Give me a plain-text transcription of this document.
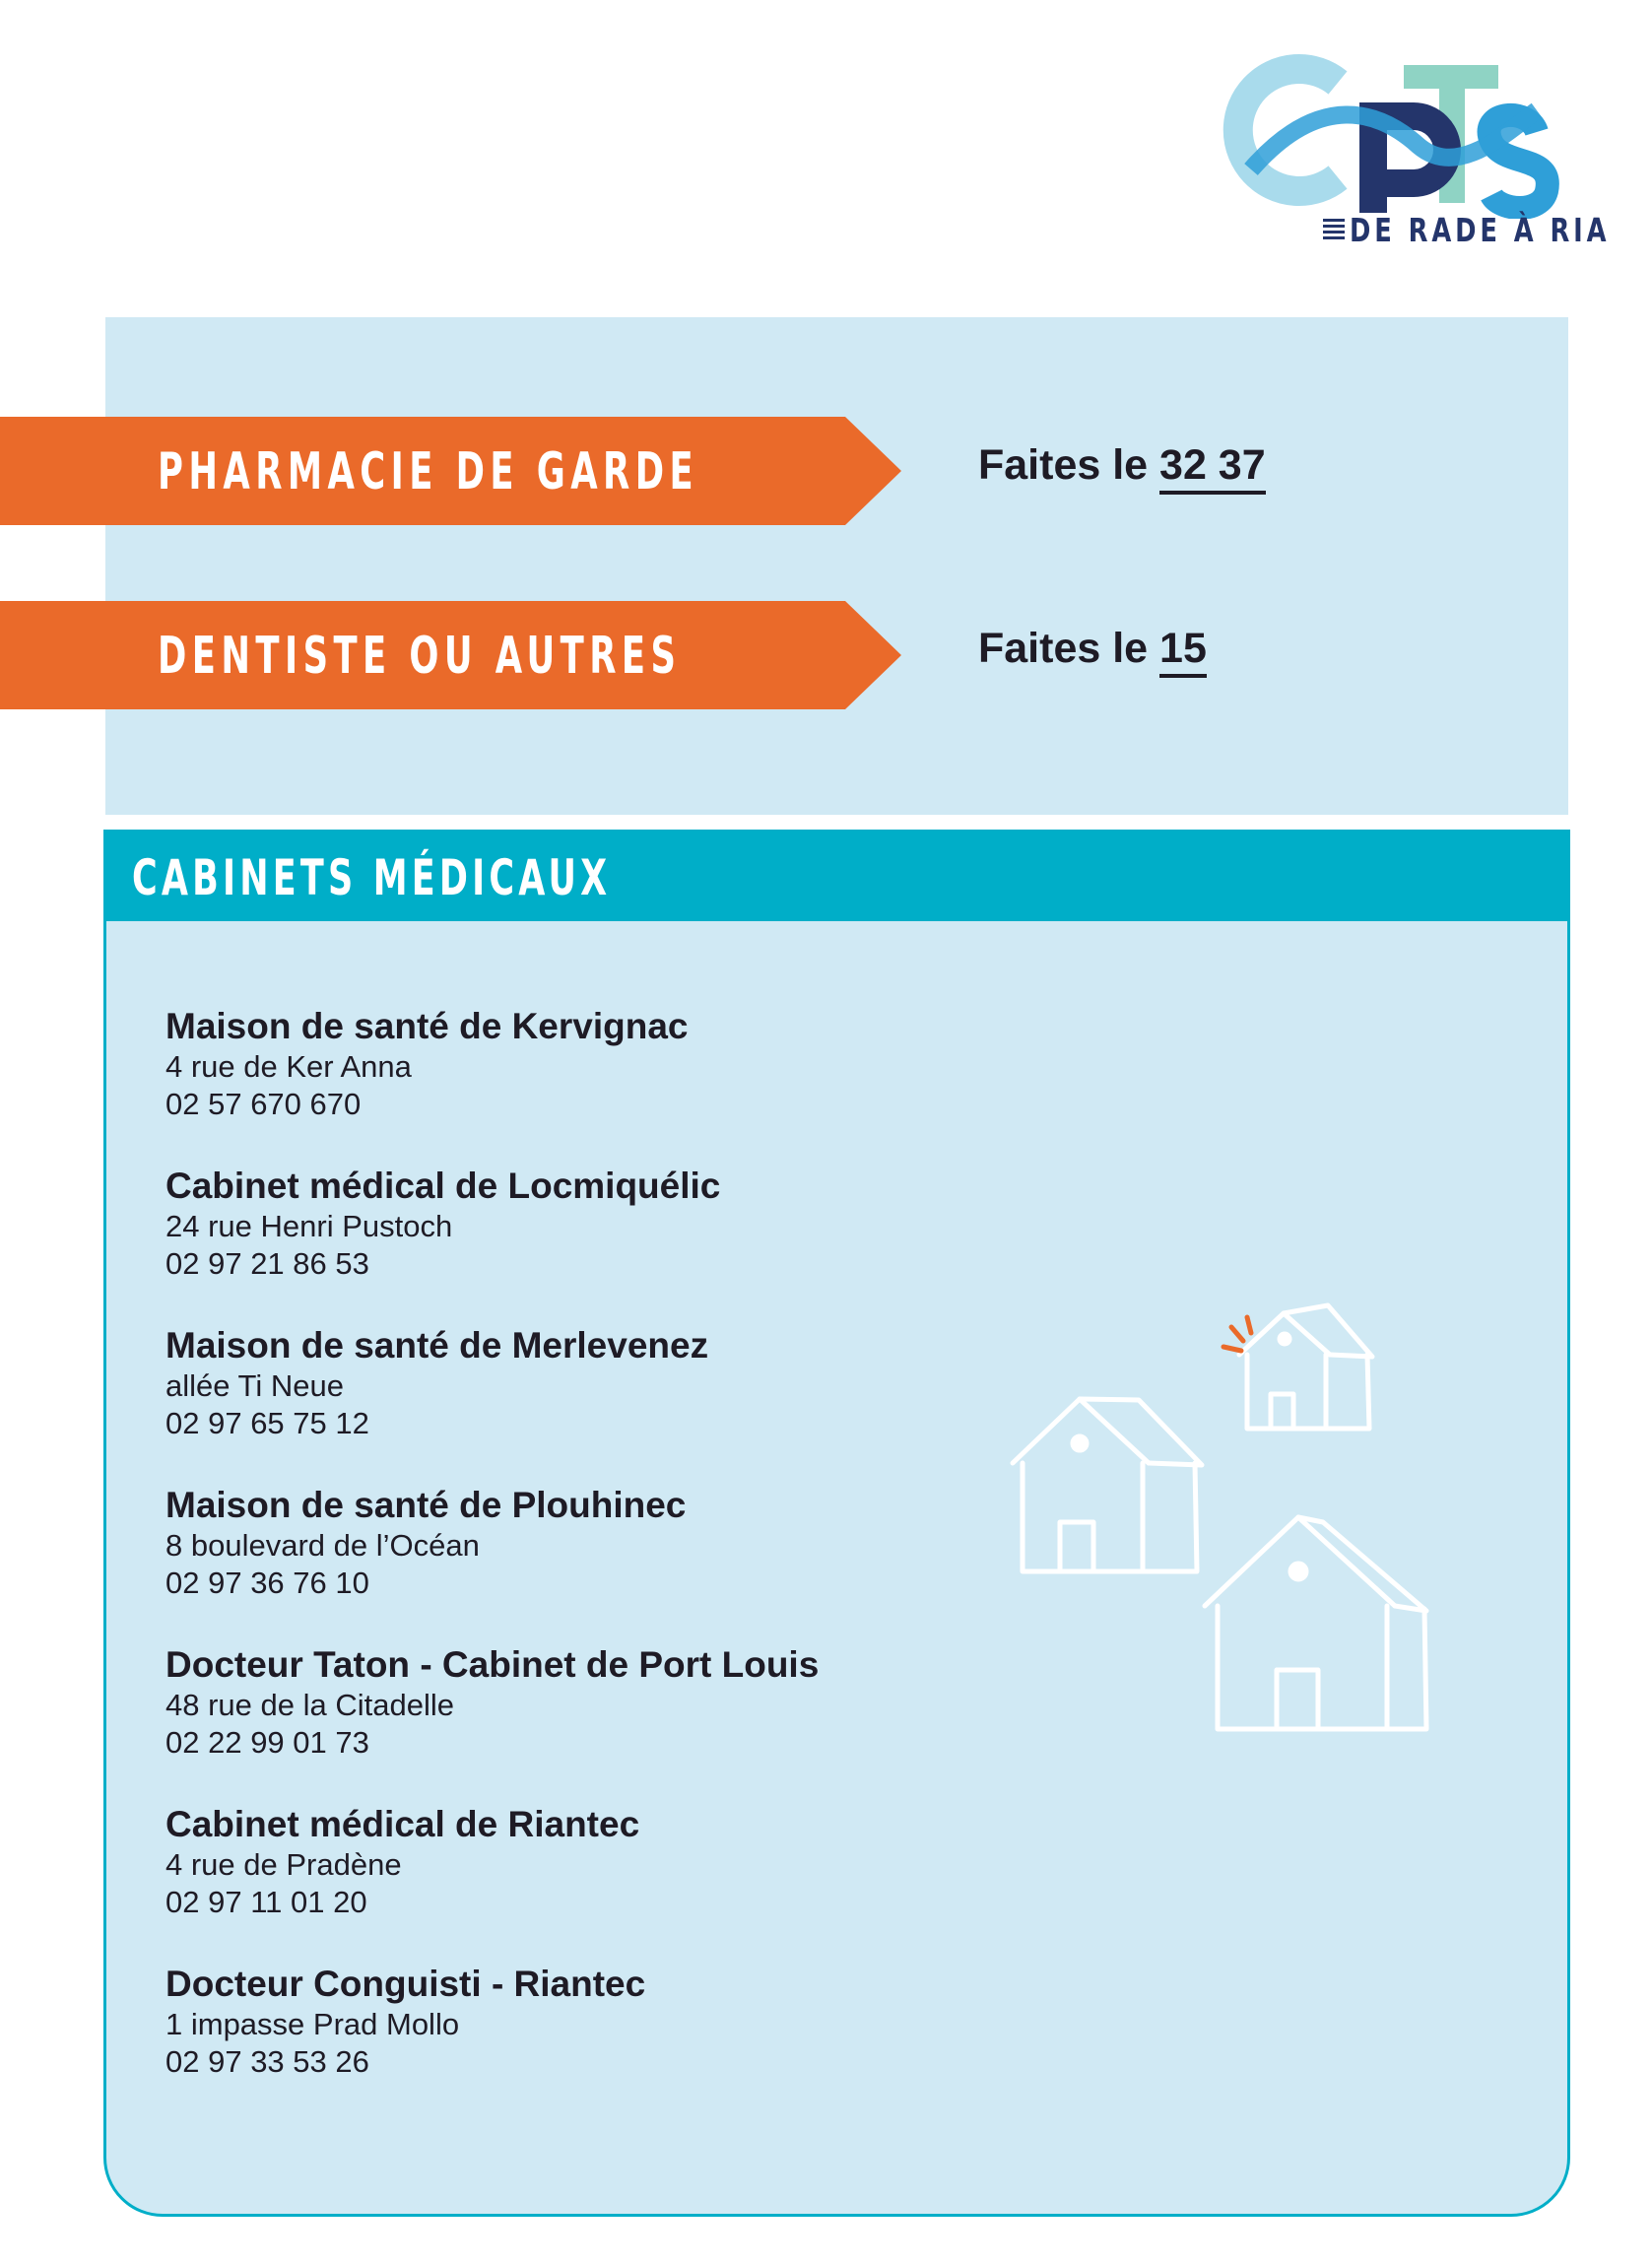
DE RADE À RIA
PHARMACIE DE GARDE	Faites le 32 37
DENTISTE OU AUTRES	Faites le 15
CABINETS MÉDICAUX
Maison de santé de Kervignac
4 rue de Ker Anna
02 57 670 670
Cabinet médical de Locmiquélic
24 rue Henri Pustoch
02 97 21 86 53
Maison de santé de Merlevenez
allée Ti Neue
02 97 65 75 12
Maison de santé de Plouhinec
8 boulevard de l’Océan
02 97 36 76 10
Docteur Taton - Cabinet de Port Louis
48 rue de la Citadelle
02 22 99 01 73
Cabinet médical de Riantec
4 rue de Pradène
02 97 11 01 20
Docteur Conguisti - Riantec
1 impasse Prad Mollo
02 97 33 53 26
